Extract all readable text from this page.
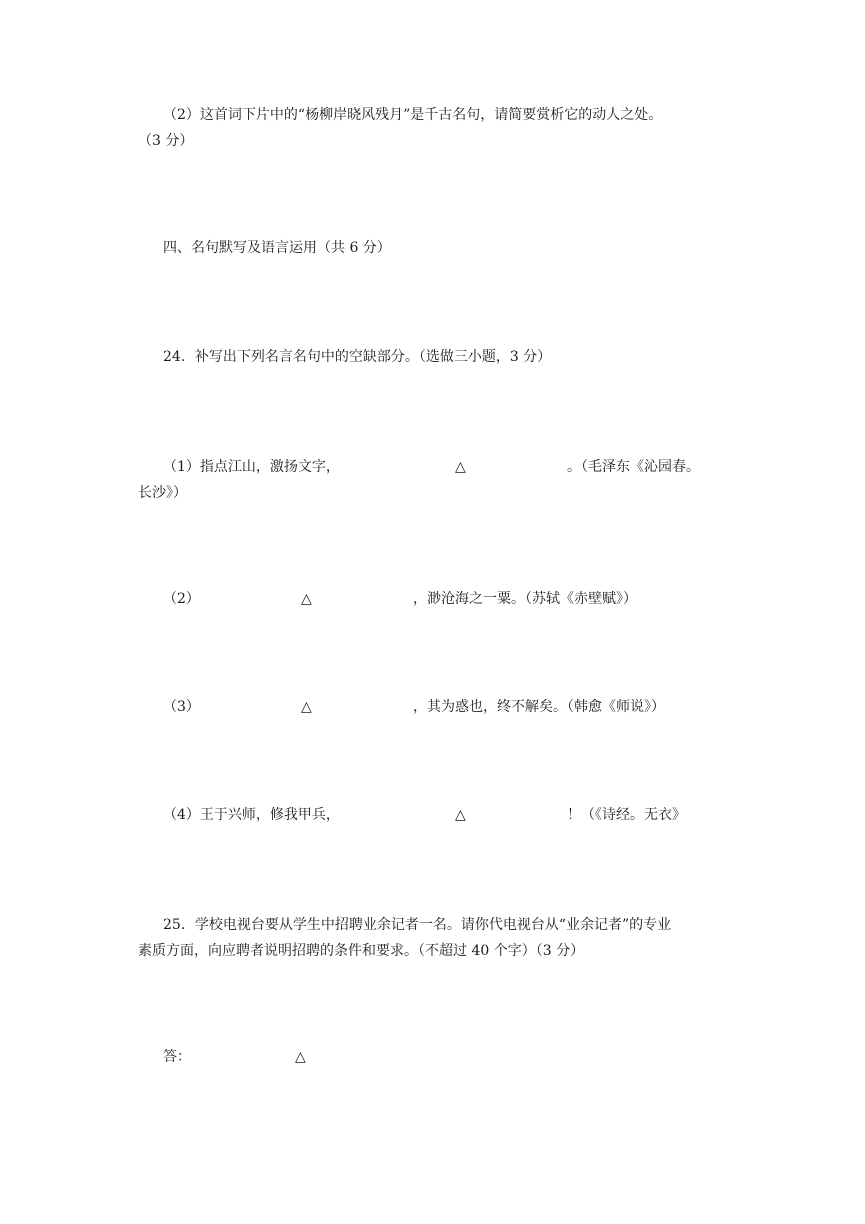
（2）这首词下片中的“杨柳岸晓风残月”是千古名句，请简要赏析它的动人之处。
（3 分）
四、名句默写及语言运用（共 6 分）
24．补写出下列名言名句中的空缺部分。（选做三小题，3 分）
（1）指点江山，激扬文字，	△	。（毛泽东《沁园春。
长沙》）
（2）	△	，渺沧海之一粟。（苏轼《赤壁赋》）
（3）	△	，其为惑也，终不解矣。（韩愈《师说》）
（4）王于兴师，修我甲兵，	△	！（《诗经。无衣》
25．学校电视台要从学生中招聘业余记者一名。请你代电视台从“业余记者”的专业
素质方面，向应聘者说明招聘的条件和要求。（不超过 40 个字）（3 分）
答：	△
